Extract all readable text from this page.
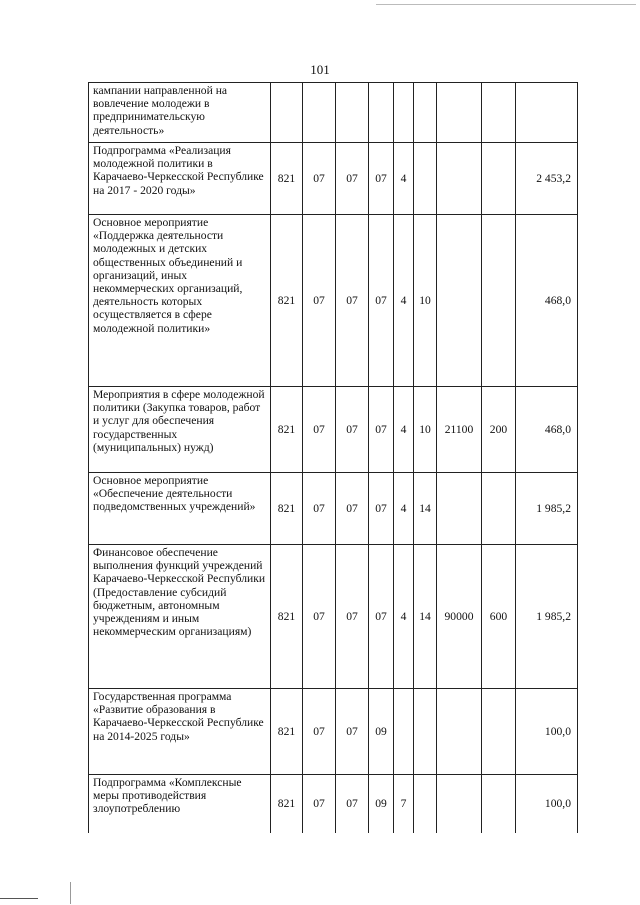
101
кампании направленной на вовлечение молодежи в предпринимательскую деятельность»									
Подпрограмма «Реализация молодежной политики в Карачаево-Черкесской Республике на 2017 - 2020 годы»	821	07	07	07	4				2 453,2
Основное мероприятие «Поддержка деятельности молодежных и детских общественных объединений и организаций, иных некоммерческих организаций, деятельность которых осуществляется в сфере молодежной политики»	821	07	07	07	4	10			468,0
Мероприятия в сфере молодежной политики (Закупка товаров, работ и услуг для обеспечения государственных (муниципальных) нужд)	821	07	07	07	4	10	21100	200	468,0
Основное мероприятие «Обеспечение деятельности подведомственных учреждений»	821	07	07	07	4	14			1 985,2
Финансовое обеспечение выполнения функций учреждений Карачаево-Черкесской Республики (Предоставление субсидий бюджетным, автономным учреждениям и иным некоммерческим организациям)	821	07	07	07	4	14	90000	600	1 985,2
Государственная программа «Развитие образования в Карачаево-Черкесской Республике на 2014-2025 годы»	821	07	07	09					100,0
Подпрограмма «Комплексные меры противодействия злоупотреблению	821	07	07	09	7				100,0
